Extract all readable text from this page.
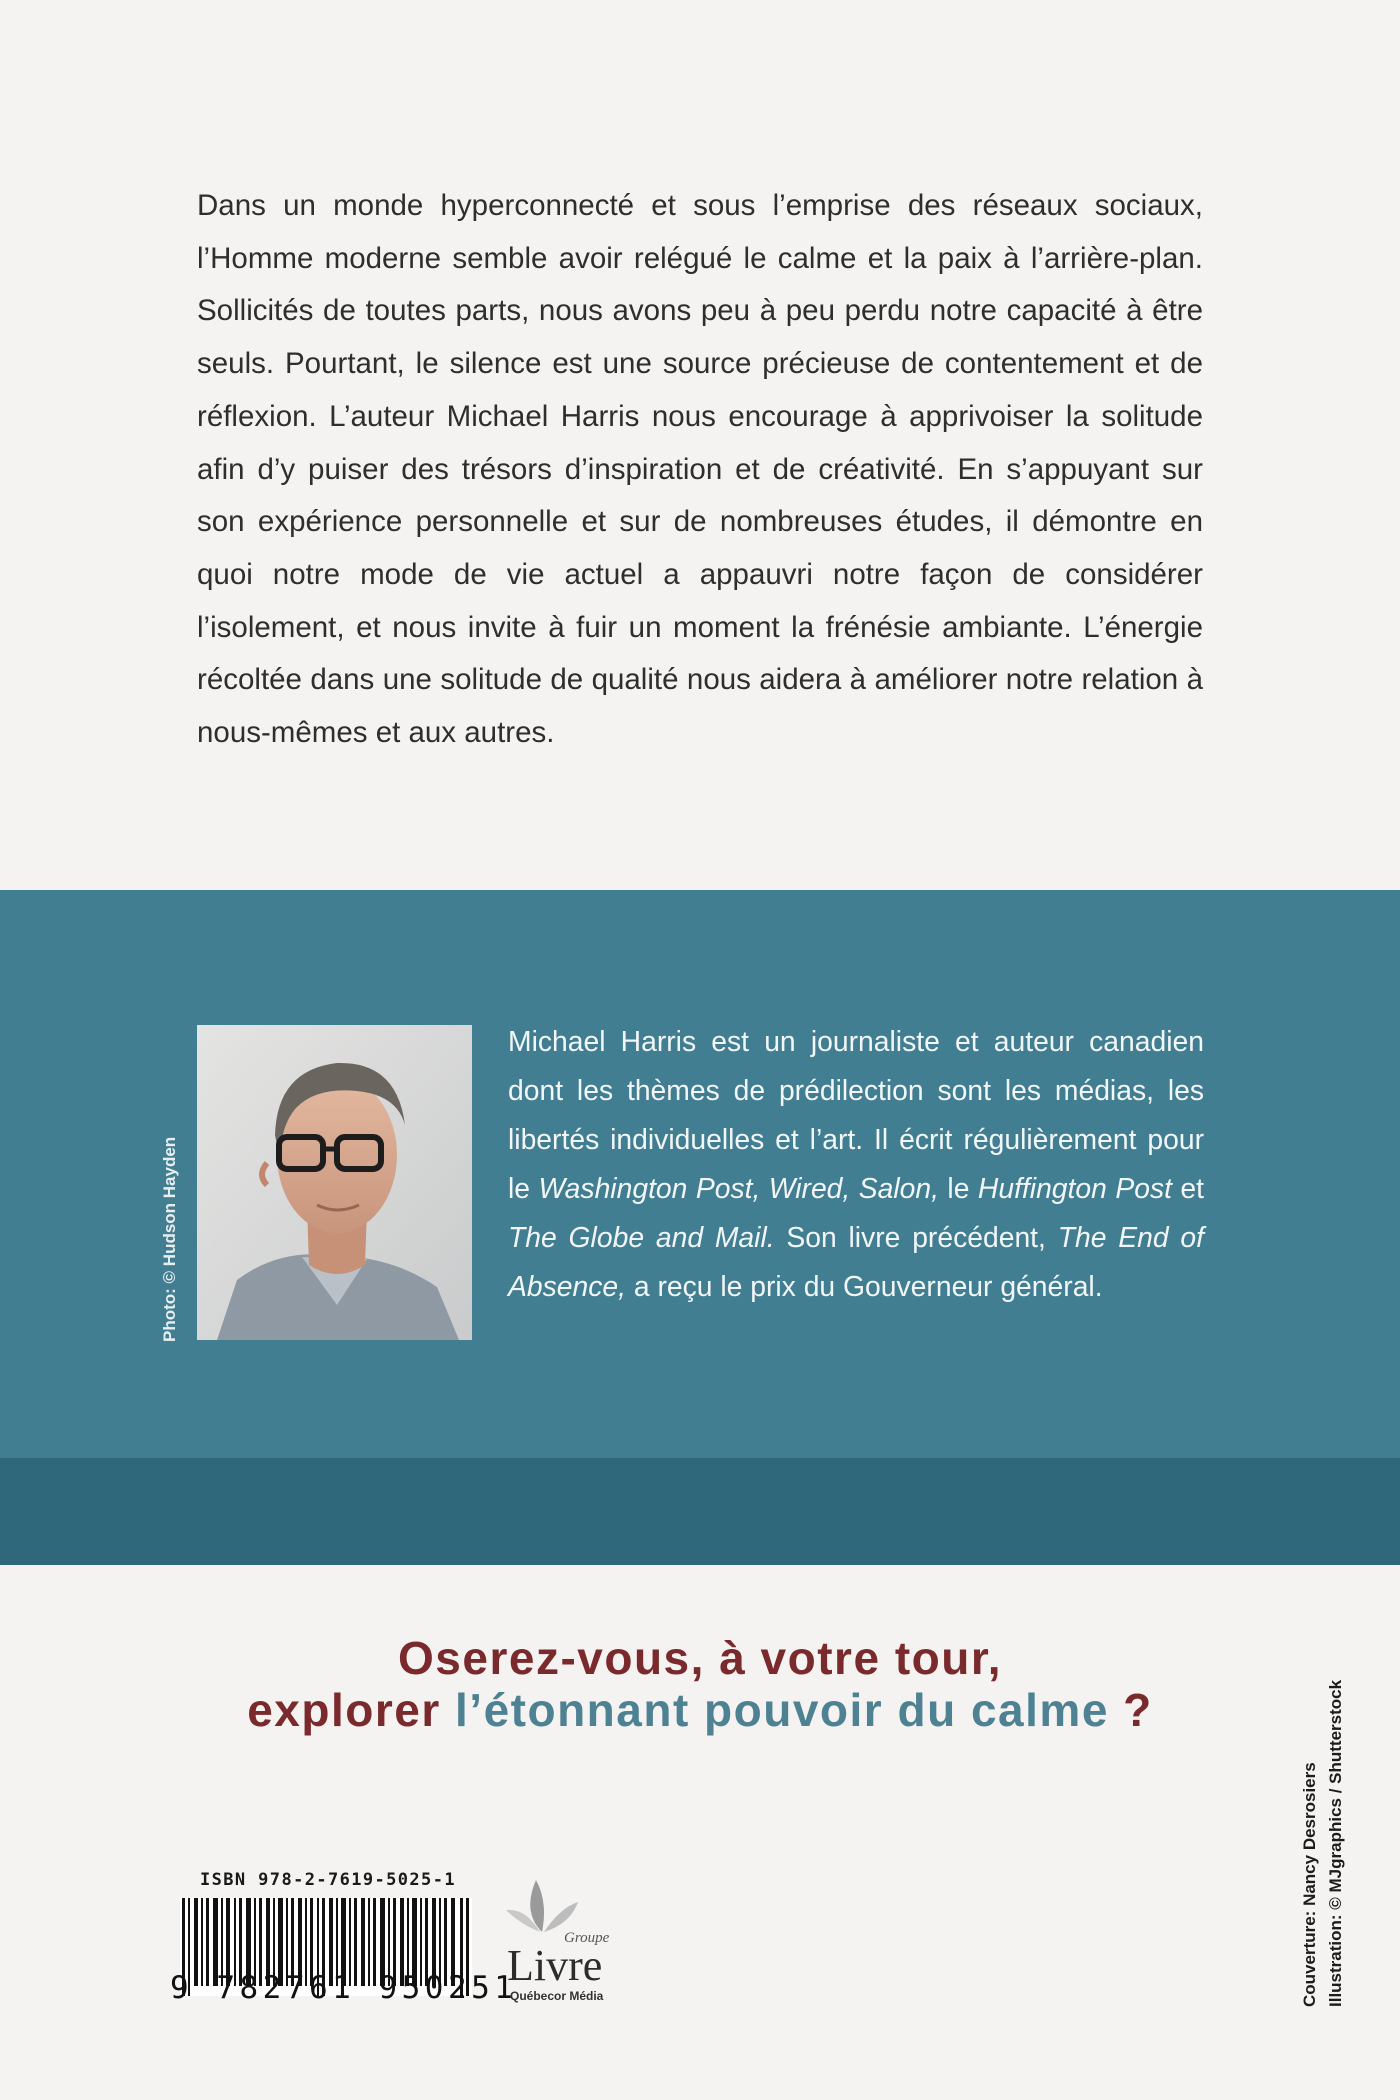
Dans un monde hyperconnecté et sous l’emprise des réseaux sociaux, l’Homme moderne semble avoir relégué le calme et la paix à l’arrière-plan. Sollicités de toutes parts, nous avons peu à peu perdu notre capacité à être seuls. Pourtant, le silence est une source précieuse de contentement et de réflexion. L’auteur Michael Harris nous encourage à apprivoiser la solitude afin d’y puiser des trésors d’inspiration et de créativité. En s’appuyant sur son expérience personnelle et sur de nombreuses études, il démontre en quoi notre mode de vie actuel a appauvri notre façon de considérer l’isolement, et nous invite à fuir un moment la frénésie ambiante. L’énergie récoltée dans une solitude de qualité nous aidera à améliorer notre relation à nous-mêmes et aux autres.

Photo: © Hudson Hayden

Michael Harris est un journaliste et auteur canadien dont les thèmes de prédilection sont les médias, les libertés individuelles et l’art. Il écrit régulièrement pour le Washington Post, Wired, Salon, le Huffington Post et The Globe and Mail. Son livre précédent, The End of Absence, a reçu le prix du Gouverneur général.

Oserez-vous, à votre tour,
explorer l’étonnant pouvoir du calme ?

ISBN 978-2-7619-5025-1
9 782761 950251
Groupe
Livre
Québecor Média	Couverture: Nancy Desrosiers Illustration: © MJgraphics / Shutterstock
